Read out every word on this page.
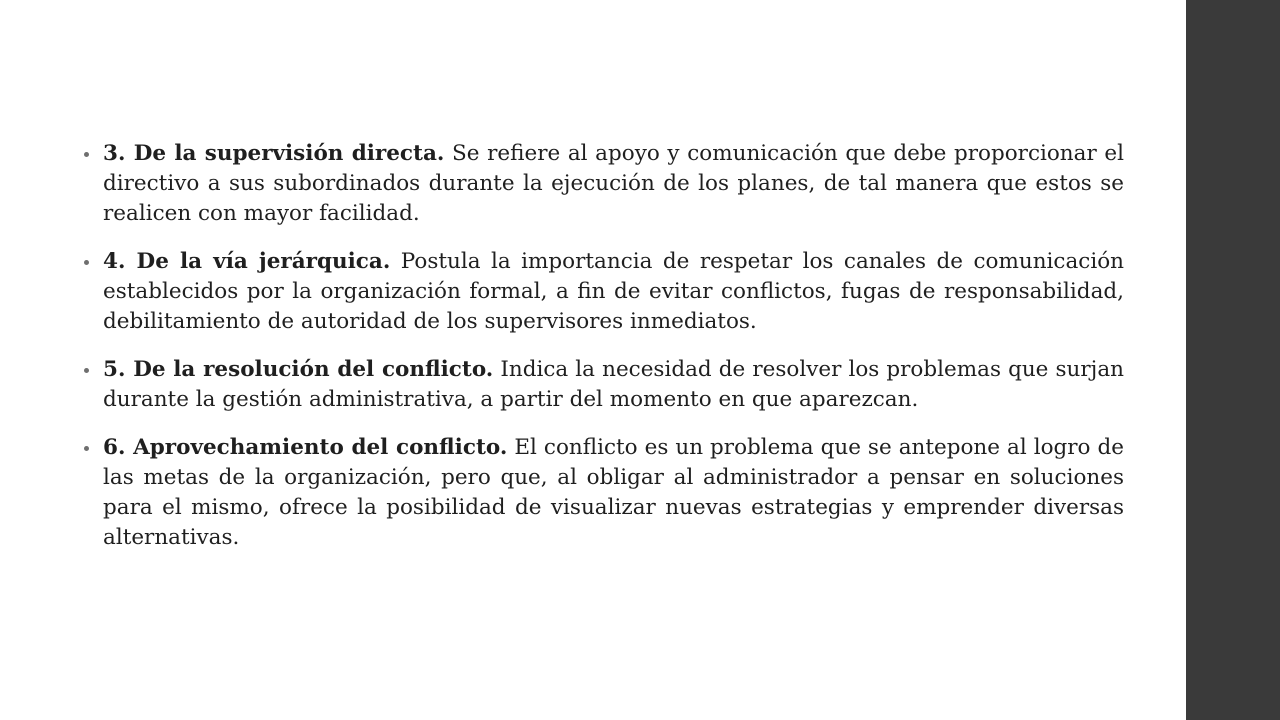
3. De la supervisión directa. Se refiere al apoyo y comunicación que debe proporcionar el directivo a sus subordinados durante la ejecución de los planes, de tal manera que estos se realicen con mayor facilidad.
4. De la vía jerárquica. Postula la importancia de respetar los canales de comunicación establecidos por la organización formal, a fin de evitar conflictos, fugas de responsabilidad, debilitamiento de autoridad de los supervisores inmediatos.
5. De la resolución del conflicto. Indica la necesidad de resolver los problemas que surjan durante la gestión administrativa, a partir del momento en que aparezcan.
6. Aprovechamiento del conflicto. El conflicto es un problema que se antepone al logro de las metas de la organización, pero que, al obligar al administrador a pensar en soluciones para el mismo, ofrece la posibilidad de visualizar nuevas estrategias y emprender diversas alternativas.
